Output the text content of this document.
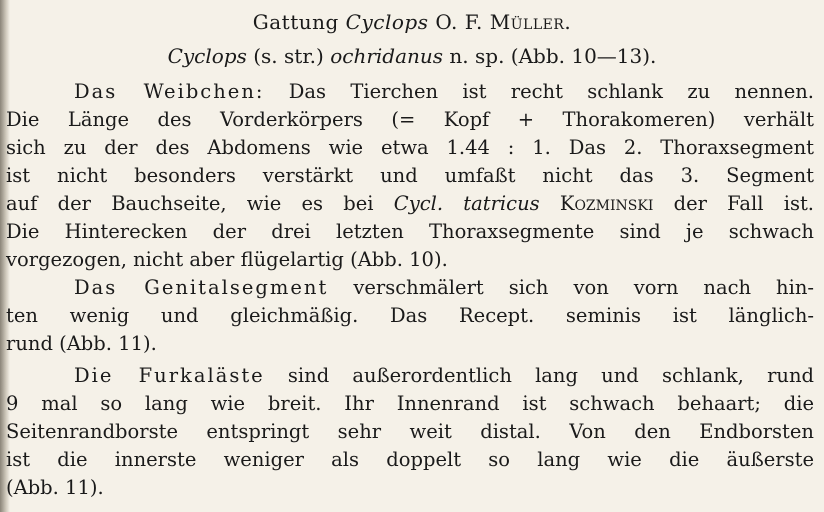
Gattung Cyclops O. F. Müller.
Cyclops (s. str.) ochridanus n. sp. (Abb. 10—13).
Das Weibchen: Das Tierchen ist recht schlank zu nennen.
Die Länge des Vorderkörpers (= Kopf + Thorakomeren) verhält
sich zu der des Abdomens wie etwa 1.44 : 1. Das 2. Thoraxsegment
ist nicht besonders verstärkt und umfaßt nicht das 3. Segment
auf der Bauchseite, wie es bei Cycl. tatricus Kozminski der Fall ist.
Die Hinterecken der drei letzten Thoraxsegmente sind je schwach
vorgezogen, nicht aber flügelartig (Abb. 10).
Das Genitalsegment verschmälert sich von vorn nach hin-
ten wenig und gleichmäßig. Das Recept. seminis ist länglich-
rund (Abb. 11).
Die Furkaläste sind außerordentlich lang und schlank, rund
9 mal so lang wie breit. Ihr Innenrand ist schwach behaart; die
Seitenrandborste entspringt sehr weit distal. Von den Endborsten
ist die innerste weniger als doppelt so lang wie die äußerste
(Abb. 11).
